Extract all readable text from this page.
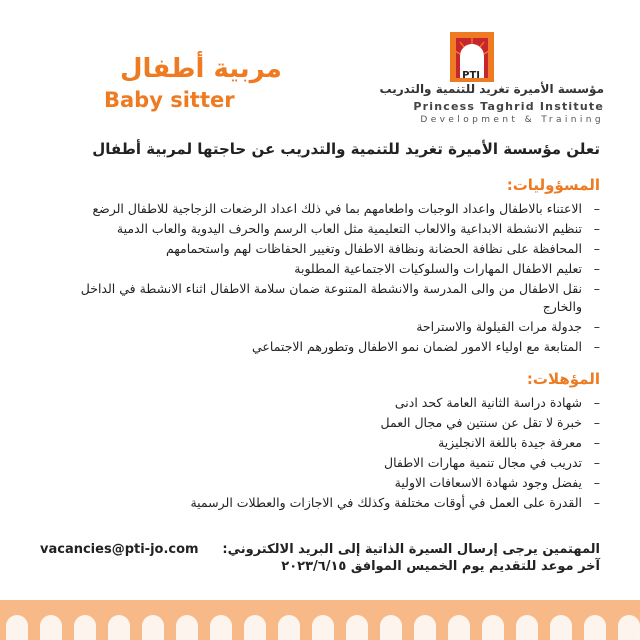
PTI
مؤسسة الأميرة تغريد للتنمية والتدريب
Princess Taghrid Institute
Development & Training
مربية أطفال
Baby sitter

تعلن مؤسسة الأميرة تغريد للتنمية والتدريب عن حاجتها لمربية أطفال

المسؤوليات:
– الاعتناء بالاطفال واعداد الوجبات واطعامهم بما في ذلك اعداد الرضعات الزجاجية للاطفال الرضع
– تنظيم الانشطة الابداعية والالعاب التعليمية مثل العاب الرسم والحرف اليدوية والعاب الدمية
– المحافظة على نظافة الحضانة ونظافة الاطفال وتغيير الحفاظات لهم واستحمامهم
– تعليم الاطفال المهارات والسلوكيات الاجتماعية المطلوبة
– نقل الاطفال من والى المدرسة والانشطة المتنوعة ضمان سلامة الاطفال اثناء الانشطة في الداخل والخارج
– جدولة مرات القيلولة والاستراحة
– المتابعة مع اولياء الامور لضمان نمو الاطفال وتطورهم الاجتماعي
المؤهلات:
– شهادة دراسة الثانية العامة كحد ادنى
– خبرة لا تقل عن سنتين في مجال العمل
– معرفة جيدة باللغة الانجليزية
– تدريب في مجال تنمية مهارات الاطفال
– يفضل وجود شهادة الاسعافات الاولية
– القدرة على العمل في أوقات مختلفة وكذلك في الاجازات والعطلات الرسمية
المهتمين يرجى إرسال السيرة الذاتية إلى البريد الالكتروني:
vacancies@pti-jo.com
آخر موعد للتقديم يوم الخميس الموافق ٢٠٢٣/٦/١٥
